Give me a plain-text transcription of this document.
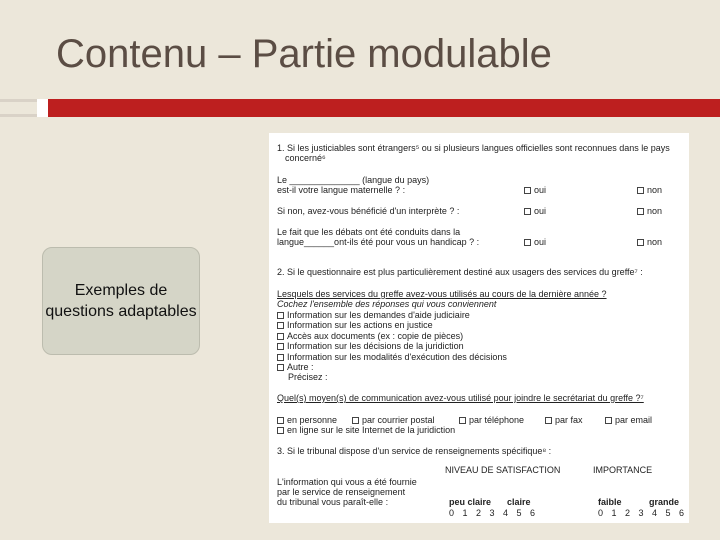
Contenu – Partie modulable
Exemples de questions adaptables
1. Si les justiciables sont étrangers⁵ ou si plusieurs langues officielles sont reconnues dans le pays
concerné⁶
Le ______________ (langue du pays)
est-il votre langue maternelle ? :	oui	non
Si non, avez-vous bénéficié d'un interprète ? :	oui	non
Le fait que les débats ont été conduits dans la
langue______ont-ils été pour vous un handicap ? :	oui	non
2. Si le questionnaire est plus particulièrement destiné aux usagers des services du greffe⁷ :
Lesquels des services du greffe avez-vous utilisés au cours de la dernière année ?
Cochez l'ensemble des réponses qui vous conviennent
Information sur les demandes d'aide judiciaire
Information sur les actions en justice
Accès aux documents (ex : copie de pièces)
Information sur les décisions de la juridiction
Information sur les modalités d'exécution des décisions
Autre :
Précisez :
Quel(s) moyen(s) de communication avez-vous utilisé pour joindre le secrétariat du greffe ?⁷
en personne	par courrier postal	par téléphone	par fax	par email
en ligne sur le site Internet de la juridiction
3. Si le tribunal dispose d'un service de renseignements spécifique⁸ :
NIVEAU DE SATISFACTION	IMPORTANCE
L'information qui vous a été fournie
par le service de renseignement
du tribunal vous paraît-elle :	peu claire claire	faible	grande
0 1 2 3 4 5 6	0 1 2 3 4 5 6
